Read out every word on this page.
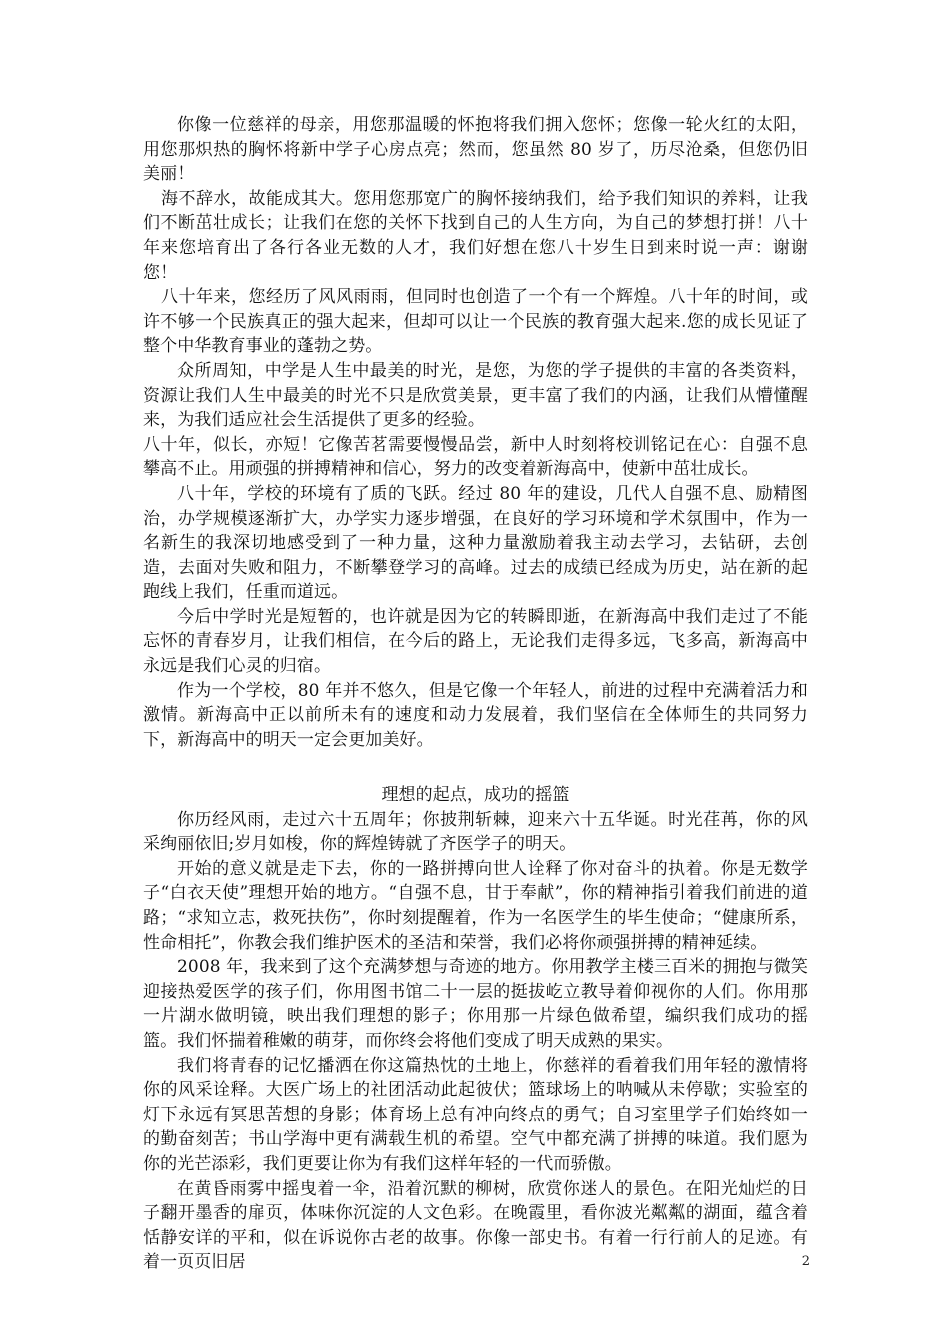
你像一位慈祥的母亲，用您那温暖的怀抱将我们拥入您怀；您像一轮火红的太阳，用您那炽热的胸怀将新中学子心房点亮；然而，您虽然 80 岁了，历尽沧桑，但您仍旧美丽！

海不辞水，故能成其大。您用您那宽广的胸怀接纳我们，给予我们知识的养料，让我们不断茁壮成长；让我们在您的关怀下找到自己的人生方向，为自己的梦想打拼！八十年来您培育出了各行各业无数的人才，我们好想在您八十岁生日到来时说一声：谢谢您！

八十年来，您经历了风风雨雨，但同时也创造了一个有一个辉煌。八十年的时间，或许不够一个民族真正的强大起来，但却可以让一个民族的教育强大起来.您的成长见证了整个中华教育事业的蓬勃之势。

众所周知，中学是人生中最美的时光，是您，为您的学子提供的丰富的各类资料，资源让我们人生中最美的时光不只是欣赏美景，更丰富了我们的内涵，让我们从懵懂醒来，为我们适应社会生活提供了更多的经验。

八十年，似长，亦短！它像苦茗需要慢慢品尝，新中人时刻将校训铭记在心：自强不息 攀高不止。用顽强的拼搏精神和信心，努力的改变着新海高中，使新中茁壮成长。

八十年，学校的环境有了质的飞跃。经过 80 年的建设，几代人自强不息、励精图治，办学规模逐渐扩大，办学实力逐步增强，在良好的学习环境和学术氛围中，作为一名新生的我深切地感受到了一种力量，这种力量激励着我主动去学习，去钻研，去创造，去面对失败和阻力，不断攀登学习的高峰。过去的成绩已经成为历史，站在新的起跑线上我们，任重而道远。

今后中学时光是短暂的，也许就是因为它的转瞬即逝，在新海高中我们走过了不能忘怀的青春岁月，让我们相信，在今后的路上，无论我们走得多远，飞多高，新海高中永远是我们心灵的归宿。

作为一个学校，80 年并不悠久，但是它像一个年轻人，前进的过程中充满着活力和激情。新海高中正以前所未有的速度和动力发展着，我们坚信在全体师生的共同努力下，新海高中的明天一定会更加美好。

理想的起点，成功的摇篮

你历经风雨，走过六十五周年；你披荆斩棘，迎来六十五华诞。时光荏苒，你的风采绚丽依旧;岁月如梭，你的辉煌铸就了齐医学子的明天。

开始的意义就是走下去，你的一路拼搏向世人诠释了你对奋斗的执着。你是无数学子“白衣天使”理想开始的地方。“自强不息，甘于奉献”，你的精神指引着我们前进的道路；“求知立志，救死扶伤”，你时刻提醒着，作为一名医学生的毕生使命；“健康所系，性命相托”，你教会我们维护医术的圣洁和荣誉，我们必将你顽强拼搏的精神延续。

2008 年，我来到了这个充满梦想与奇迹的地方。你用教学主楼三百米的拥抱与微笑迎接热爱医学的孩子们，你用图书馆二十一层的挺拔屹立教导着仰视你的人们。你用那一片湖水做明镜，映出我们理想的影子；你用那一片绿色做希望，编织我们成功的摇篮。我们怀揣着稚嫩的萌芽，而你终会将他们变成了明天成熟的果实。

我们将青春的记忆播洒在你这篇热忱的土地上，你慈祥的看着我们用年轻的激情将你的风采诠释。大医广场上的社团活动此起彼伏；篮球场上的呐喊从未停歇；实验室的灯下永远有冥思苦想的身影；体育场上总有冲向终点的勇气；自习室里学子们始终如一的勤奋刻苦；书山学海中更有满载生机的希望。空气中都充满了拼搏的味道。我们愿为你的光芒添彩，我们更要让你为有我们这样年轻的一代而骄傲。

在黄昏雨雾中摇曳着一伞，沿着沉默的柳树，欣赏你迷人的景色。在阳光灿烂的日子翻开墨香的扉页，体味你沉淀的人文色彩。在晚霞里，看你波光粼粼的湖面，蕴含着恬静安详的平和，似在诉说你古老的故事。你像一部史书。有着一行行前人的足迹。有着一页页旧居	2
